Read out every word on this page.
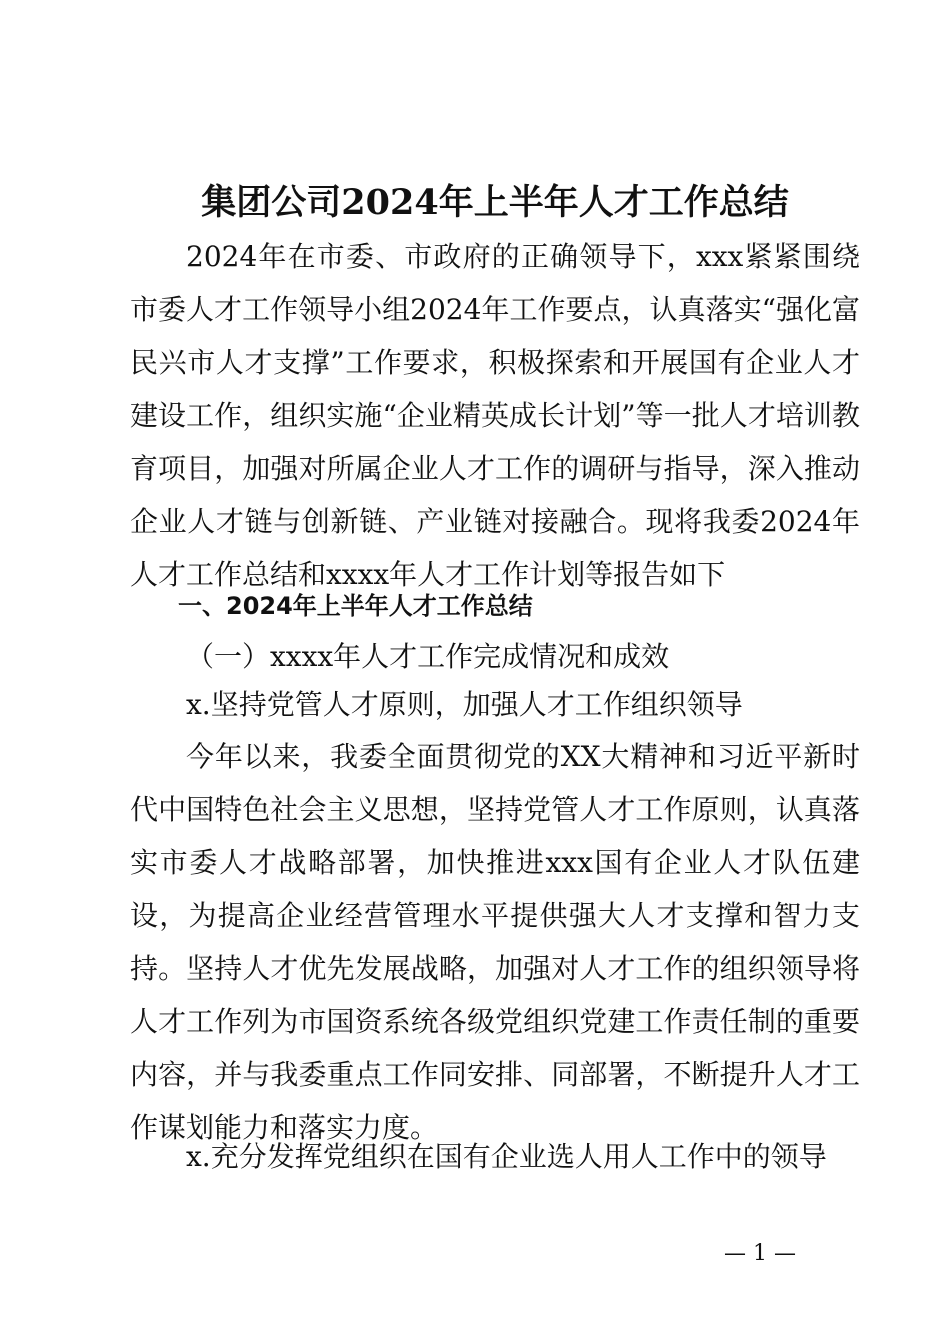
集团公司2024年上半年人才工作总结
2024年在市委、市政府的正确领导下，xxx紧紧围绕市委人才工作领导小组2024年工作要点，认真落实“强化富民兴市人才支撑”工作要求，积极探索和开展国有企业人才建设工作，组织实施“企业精英成长计划”等一批人才培训教育项目，加强对所属企业人才工作的调研与指导，深入推动企业人才链与创新链、产业链对接融合。现将我委2024年人才工作总结和xxxx年人才工作计划等报告如下
一、2024年上半年人才工作总结
（一）xxxx年人才工作完成情况和成效
x.坚持党管人才原则，加强人才工作组织领导
今年以来，我委全面贯彻党的XX大精神和习近平新时代中国特色社会主义思想，坚持党管人才工作原则，认真落实市委人才战略部署，加快推进xxx国有企业人才队伍建设，为提高企业经营管理水平提供强大人才支撑和智力支持。坚持人才优先发展战略，加强对人才工作的组织领导将人才工作列为市国资系统各级党组织党建工作责任制的重要内容，并与我委重点工作同安排、同部署，不断提升人才工作谋划能力和落实力度。
x.充分发挥党组织在国有企业选人用人工作中的领导
— 1 —
